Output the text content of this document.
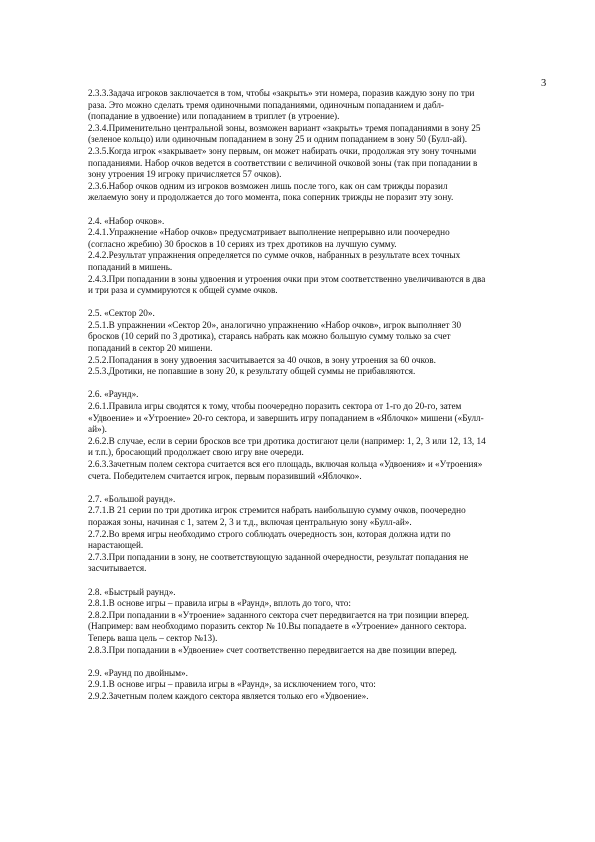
3
2.3.3.Задача игроков заключается в том, чтобы «закрыть» эти номера, поразив каждую зону по три
раза. Это можно сделать тремя одиночными попаданиями, одиночным попаданием и дабл-
(попадание в удвоение) или попаданием в триплет (в утроение).
2.3.4.Применительно центральной зоны, возможен вариант «закрыть» тремя попаданиями в зону 25
(зеленое кольцо) или одиночным попаданием в зону 25 и одним попаданием в зону 50 (Булл-ай).
2.3.5.Когда игрок «закрывает» зону первым, он может набирать очки, продолжая эту зону точными
попаданиями. Набор очков ведется в соответствии с величиной очковой зоны (так при попадании в
зону утроения 19 игроку причисляется 57 очков).
2.3.6.Набор очков одним из игроков возможен лишь после того, как он сам трижды поразил
желаемую зону и продолжается до того момента, пока соперник трижды не поразит эту зону.
2.4. «Набор очков».
2.4.1.Упражнение «Набор очков» предусматривает выполнение непрерывно или поочередно
(согласно жребию) 30 бросков в 10 сериях из трех дротиков на лучшую сумму.
2.4.2.Результат упражнения определяется по сумме очков, набранных в результате всех точных
попаданий в мишень.
2.4.3.При попадании в зоны удвоения и утроения очки при этом соответственно увеличиваются в два
и три раза и суммируются к общей сумме очков.
2.5. «Сектор 20».
2.5.1.В упражнении «Сектор 20», аналогично упражнению «Набор очков», игрок выполняет 30
бросков (10 серий по 3 дротика), стараясь набрать как можно большую сумму только за счет
попаданий в сектор 20 мишени.
2.5.2.Попадания в зону удвоения засчитывается за 40 очков, в зону утроения за 60 очков.
2.5.3.Дротики, не попавшие в зону 20, к результату общей суммы не прибавляются.
2.6. «Раунд».
2.6.1.Правила игры сводятся к тому, чтобы поочередно поразить сектора от 1-го до 20-го, затем
«Удвоение» и «Утроение» 20-го сектора, и завершить игру попаданием в «Яблочко» мишени («Булл-
ай»).
2.6.2.В случае, если в серии бросков все три дротика достигают цели (например: 1, 2, 3 или 12, 13, 14
и т.п.), бросающий продолжает свою игру вне очереди.
2.6.3.Зачетным полем сектора считается вся его площадь, включая кольца «Удвоения» и «Утроения»
счета. Победителем считается игрок, первым поразивший «Яблочко».
2.7. «Большой раунд».
2.7.1.В 21 серии по три дротика игрок стремится набрать наибольшую сумму очков, поочередно
поражая зоны, начиная с 1, затем 2, 3 и т.д., включая центральную зону «Булл-ай».
2.7.2.Во время игры необходимо строго соблюдать очередность зон, которая должна идти по
нарастающей.
2.7.3.При попадании в зону, не соответствующую заданной очередности, результат попадания не
засчитывается.
2.8. «Быстрый раунд».
2.8.1.В основе игры – правила игры в «Раунд», вплоть до того, что:
2.8.2.При попадании в «Утроение» заданного сектора счет передвигается на три позиции вперед.
(Например: вам необходимо поразить сектор № 10.Вы попадаете в «Утроение» данного сектора.
Теперь ваша цель – сектор №13).
2.8.3.При попадании в «Удвоение» счет соответственно передвигается на две позиции вперед.
2.9. «Раунд по двойным».
2.9.1.В основе игры – правила игры в «Раунд», за исключением того, что:
2.9.2.Зачетным полем каждого сектора является только его «Удвоение».
